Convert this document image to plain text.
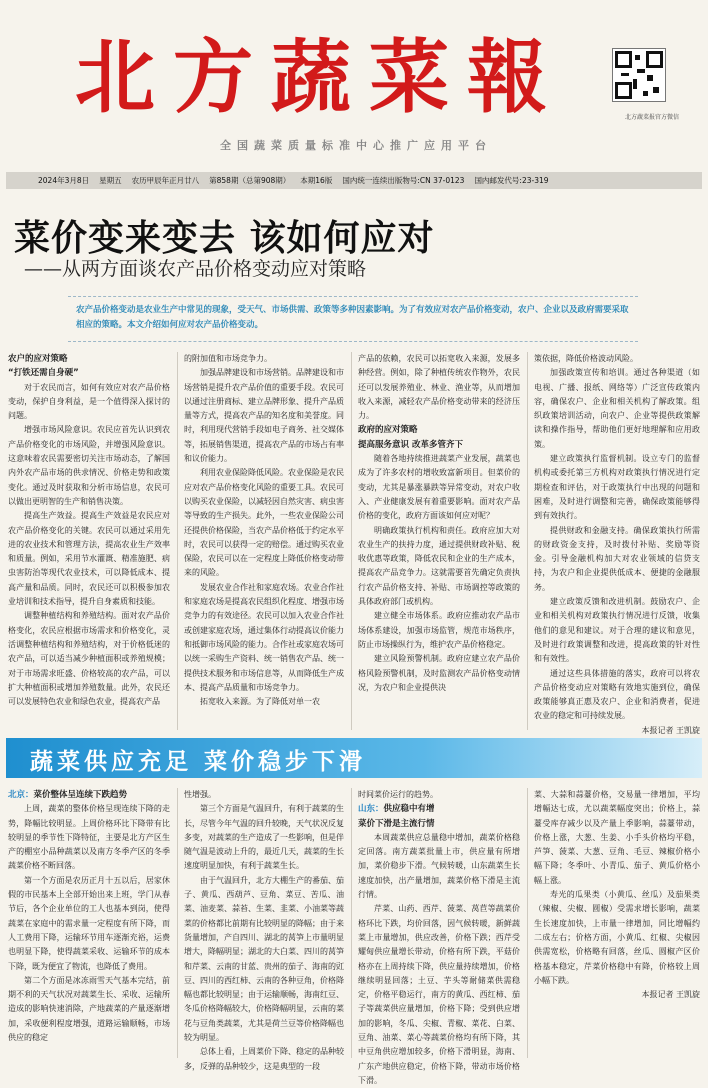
北方蔬菜報	北方蔬菜报官方微信
全国蔬菜质量标准中心推广应用平台
2024年3月8日 星期五 农历甲辰年正月廿八 第858期（总第908期） 本期16版 国内统一连续出版物号:CN 37-0123 国内邮发代号:23-319
菜价变来变去 该如何应对
——从两方面谈农产品价格变动应对策略
农产品价格变动是农业生产中常见的现象，受天气、市场供需、政策等多种因素影响。为了有效应对农产品价格变动，农户、企业以及政府需要采取相应的策略。本文介绍如何应对农产品价格变动。
农户的应对策略
“打铁还需自身硬”

对于农民而言，如何有效应对农产品价格变动，保护自身利益，是一个值得深入探讨的问题。

增强市场风险意识。农民应首先认识到农产品价格变化的市场风险，并增强风险意识。这意味着农民需要密切关注市场动态，了解国内外农产品市场的供求情况、价格走势和政策变化。通过及时获取和分析市场信息，农民可以做出更明智的生产和销售决策。

提高生产效益。提高生产效益是农民应对农产品价格变化的关键。农民可以通过采用先进的农业技术和管理方法，提高农业生产效率和质量。例如，采用节水灌溉、精准施肥、病虫害防治等现代农业技术，可以降低成本、提高产量和品质。同时，农民还可以积极参加农业培训和技术指导，提升自身素质和技能。

调整种植结构和养殖结构。面对农产品价格变化，农民应根据市场需求和价格变化，灵活调整种植结构和养殖结构，对于价格低迷的农产品，可以适当减少种植面积或养殖规模；对于市场需求旺盛、价格较高的农产品，可以扩大种植面积或增加养殖数量。此外，农民还可以发展特色农业和绿色农业，提高农产品

的附加值和市场竞争力。

加强品牌建设和市场营销。品牌建设和市场营销是提升农产品价值的重要手段。农民可以通过注册商标、建立品牌形象、提升产品质量等方式，提高农产品的知名度和美誉度。同时，利用现代营销手段如电子商务、社交媒体等，拓展销售渠道，提高农产品的市场占有率和议价能力。

利用农业保险降低风险。农业保险是农民应对农产品价格变化风险的重要工具。农民可以购买农业保险，以减轻因自然灾害、病虫害等导致的生产损失。此外，一些农业保险公司还提供价格保险，当农产品价格低于约定水平时，农民可以获得一定的赔偿。通过购买农业保险，农民可以在一定程度上降低价格变动带来的风险。

发展农业合作社和家庭农场。农业合作社和家庭农场是提高农民组织化程度、增强市场竞争力的有效途径。农民可以加入农业合作社或创建家庭农场，通过集体行动提高议价能力和抵御市场风险的能力。合作社或家庭农场可以统一采购生产资料、统一销售农产品、统一提供技术服务和市场信息等，从而降低生产成本、提高产品质量和市场竞争力。

拓宽收入来源。为了降低对单一农

产品的依赖，农民可以拓宽收入来源，发展多种经营。例如，除了种植传统农作物外，农民还可以发展养殖业、林业、渔业等，从而增加收入来源，减轻农产品价格变动带来的经济压力。

政府的应对策略
提高服务意识 改革多管齐下

随着各地持续推进蔬菜产业发展，蔬菜也成为了许多农村的增收致富新项目。但菜价的变动，尤其是暴涨暴跌等异常变动，对农户收入、产业健康发展有着重要影响。面对农产品价格的变化，政府方面该如何应对呢？

明确政策执行机构和责任。政府应加大对农业生产的扶持力度，通过提供财政补贴、税收优惠等政策，降低农民和企业的生产成本，提高农产品竞争力。这就需要首先确定负责执行农产品价格支持、补贴、市场调控等政策的具体政府部门或机构。

建立健全市场体系。政府应推动农产品市场体系建设，加强市场监管，规范市场秩序，防止市场操纵行为，维护农产品价格稳定。

建立风险预警机制。政府应建立农产品价格风险预警机制，及时监测农产品价格变动情况，为农户和企业提供决

策依据，降低价格波动风险。

加强政策宣传和培训。通过各种渠道（如电视、广播、报纸、网络等）广泛宣传政策内容，确保农户、企业和相关机构了解政策。组织政策培训活动，向农户、企业等提供政策解读和操作指导，帮助他们更好地理解和应用政策。

建立政策执行监督机制。设立专门的监督机构或委托第三方机构对政策执行情况进行定期检查和评估，对于政策执行中出现的问题和困难，及时进行调整和完善，确保政策能够得到有效执行。

提供财政和金融支持。确保政策执行所需的财政资金支持，及时拨付补贴、奖励等资金。引导金融机构加大对农业领域的信贷支持，为农户和企业提供低成本、便捷的金融服务。

建立政策反馈和改进机制。鼓励农户、企业和相关机构对政策执行情况进行反馈，收集他们的意见和建议。对于合理的建议和意见，及时进行政策调整和改进，提高政策的针对性和有效性。

通过这些具体措施的落实，政府可以将农产品价格变动应对策略有效地实施到位，确保政策能够真正惠及农户、企业和消费者，促进农业的稳定和可持续发展。

本报记者 王凯旋
蔬菜供应充足 菜价稳步下滑
北京：菜价整体呈连续下跌趋势

上周，蔬菜的整体价格呈现连续下降的走势，降幅比较明显。上周价格环比下降带有比较明显的季节性下降特征，主要是北方产区生产的棚室小品种蔬菜以及南方冬季产区的冬季蔬菜价格不断回落。

第一个方面是农历正月十五以后，居家休假的市民基本上全部开始出来上班，学门从春节后，各个企业单位的工人也基本到岗，使得蔬菜在家庭中的需求量一定程度有所下降，而人工费用下降，运输环节用车逐渐充裕，运费也明显下降，使得蔬菜采收、运输环节的成本下降，既为便宜了物流，也降低了费用。

第二个方面是冰冻雨雪天气基本完结，前期不利的天气状况对蔬菜生长、采收、运输所造成的影响快速消除，产地蔬菜的产量逐渐增加，采收便利程度增强，道路运输顺畅，市场供应的稳定

性增强。

第三个方面是气温回升，有利于蔬菜的生长，尽管今年气温的回升较晚，天气状况反复多变，对蔬菜的生产造成了一些影响，但是伴随气温是波动上升的，最近几天，蔬菜的生长速度明显加快，有利于蔬菜生长。

由于气温回升，北方大棚生产的番茄、茄子、黄瓜、西葫芦、豆角、菜豆、苦瓜、油菜、油麦菜、蒜苔、生菜、韭菜、小油菜等蔬菜的价格都比前期有比较明显的降幅；由于来货量增加，产自四川、湖北的莴笋上市量明显增大，降幅明显；湖北的大白菜、四川的莴笋和芹菜、云南的甘蓝、贵州的茄子、海南的豇豆、四川的西红柿、云南的各种豆角，价格降幅也都比较明显；由于运输顺畅，海南红豆、冬瓜价格降幅较大，价格降幅明显，云南的菜花与豆角类蔬菜，尤其是荷兰豆等价格降幅也较为明显。

总体上看，上周菜价下降、稳定的品种较多，反弹的品种较少，这是典型的一段

时间菜价运行的趋势。

山东：供应稳中有增
菜价下滑是主流行情

本周蔬菜供应总量稳中增加，蔬菜价格稳定回落。南方蔬菜批量上市，供应量有所增加，菜价稳步下滑。气候转暖，山东蔬菜生长速度加快，出产量增加，蔬菜价格下滑是主流行情。

芹菜、山药、西芹、菠菜、莴苣等蔬菜价格环比下跌，均价回落，因气候转暖，新鲜蔬菜上市量增加，供应改善，价格下跌；西芹受耀甸供应量增长带动，价格有所下跌，平菇价格亦在上周持续下降，供应量持续增加，价格继续明显回落；土豆、芋头等耐储菜供需稳定，价格平稳运行，南方的黄瓜、西红柿、茄子等蔬菜供应量增加，价格下降；受到供应增加的影响，冬瓜、尖椒、青椒、菜花、白菜、豆角、油菜、菜心等蔬菜价格均有所下降，其中豆角供应增加较多，价格下滑明显，海南、广东产地供应稳定，价格下降，带动市场价格下滑。

菜、大蒜和蒜薹价格，交易量一律增加，平均增幅达七成，尤以蔬菜幅度突出；价格上，蒜薹受库存减少以及产量上季影响，蒜薹带动，价格上涨，大葱、生姜、小手头价格均平稳，芦笋、菠菜、大葱、豆角、毛豆、辣椒价格小幅下降；冬季叶、小青瓜、茄子、黄瓜价格小幅上涨。

寿光的瓜果类（小黄瓜、丝瓜）及茄果类（辣椒、尖椒、圆椒）受需求增长影响，蔬菜生长速度加快，上市量一律增加，同比增幅约二成左右；价格方面，小黄瓜、红椒、尖椒因供需宽松，价格略有回落，丝瓜、圆椒产区价格基本稳定，芹菜价格稳中有降，价格较上周小幅下跌。

本报记者 王凯旋
